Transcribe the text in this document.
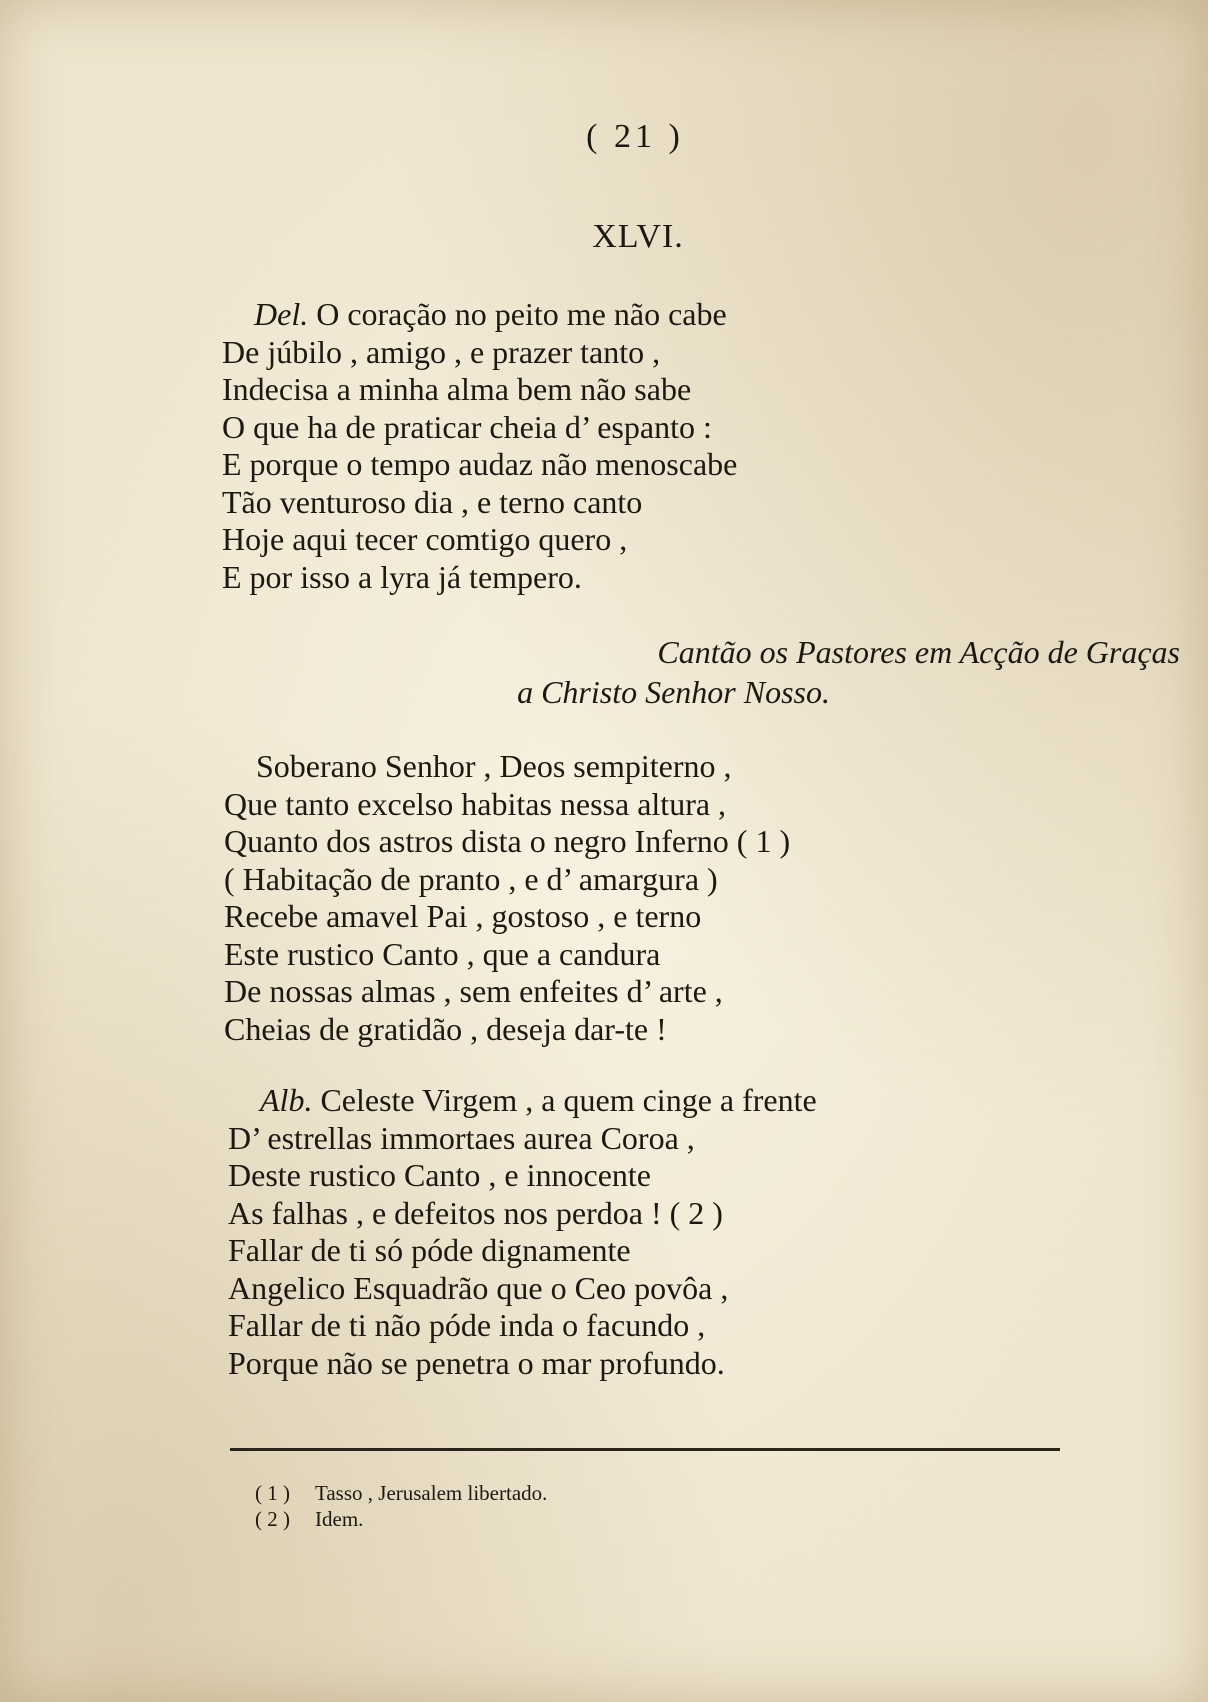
( 21 )
XLVI.
Del. O coração no peito me não cabe
De júbilo , amigo , e prazer tanto ,
Indecisa a minha alma bem não sabe
O que ha de praticar cheia d’ espanto :
E porque o tempo audaz não menoscabe
Tão venturoso dia , e terno canto
Hoje aqui tecer comtigo quero ,
E por isso a lyra já tempero.
Cantão os Pastores em Acção de Graças
a Christo Senhor Nosso.
Soberano Senhor , Deos sempiterno ,
Que tanto excelso habitas nessa altura ,
Quanto dos astros dista o negro Inferno ( 1 )
( Habitação de pranto , e d’ amargura )
Recebe amavel Pai , gostoso , e terno
Este rustico Canto , que a candura
De nossas almas , sem enfeites d’ arte ,
Cheias de gratidão , deseja dar-te !
Alb. Celeste Virgem , a quem cinge a frente
D’ estrellas immortaes aurea Coroa ,
Deste rustico Canto , e innocente
As falhas , e defeitos nos perdoa ! ( 2 )
Fallar de ti só póde dignamente
Angelico Esquadrão que o Ceo povôa ,
Fallar de ti não póde inda o facundo ,
Porque não se penetra o mar profundo.
( 1 ) Tasso , Jerusalem libertado.
( 2 ) Idem.
